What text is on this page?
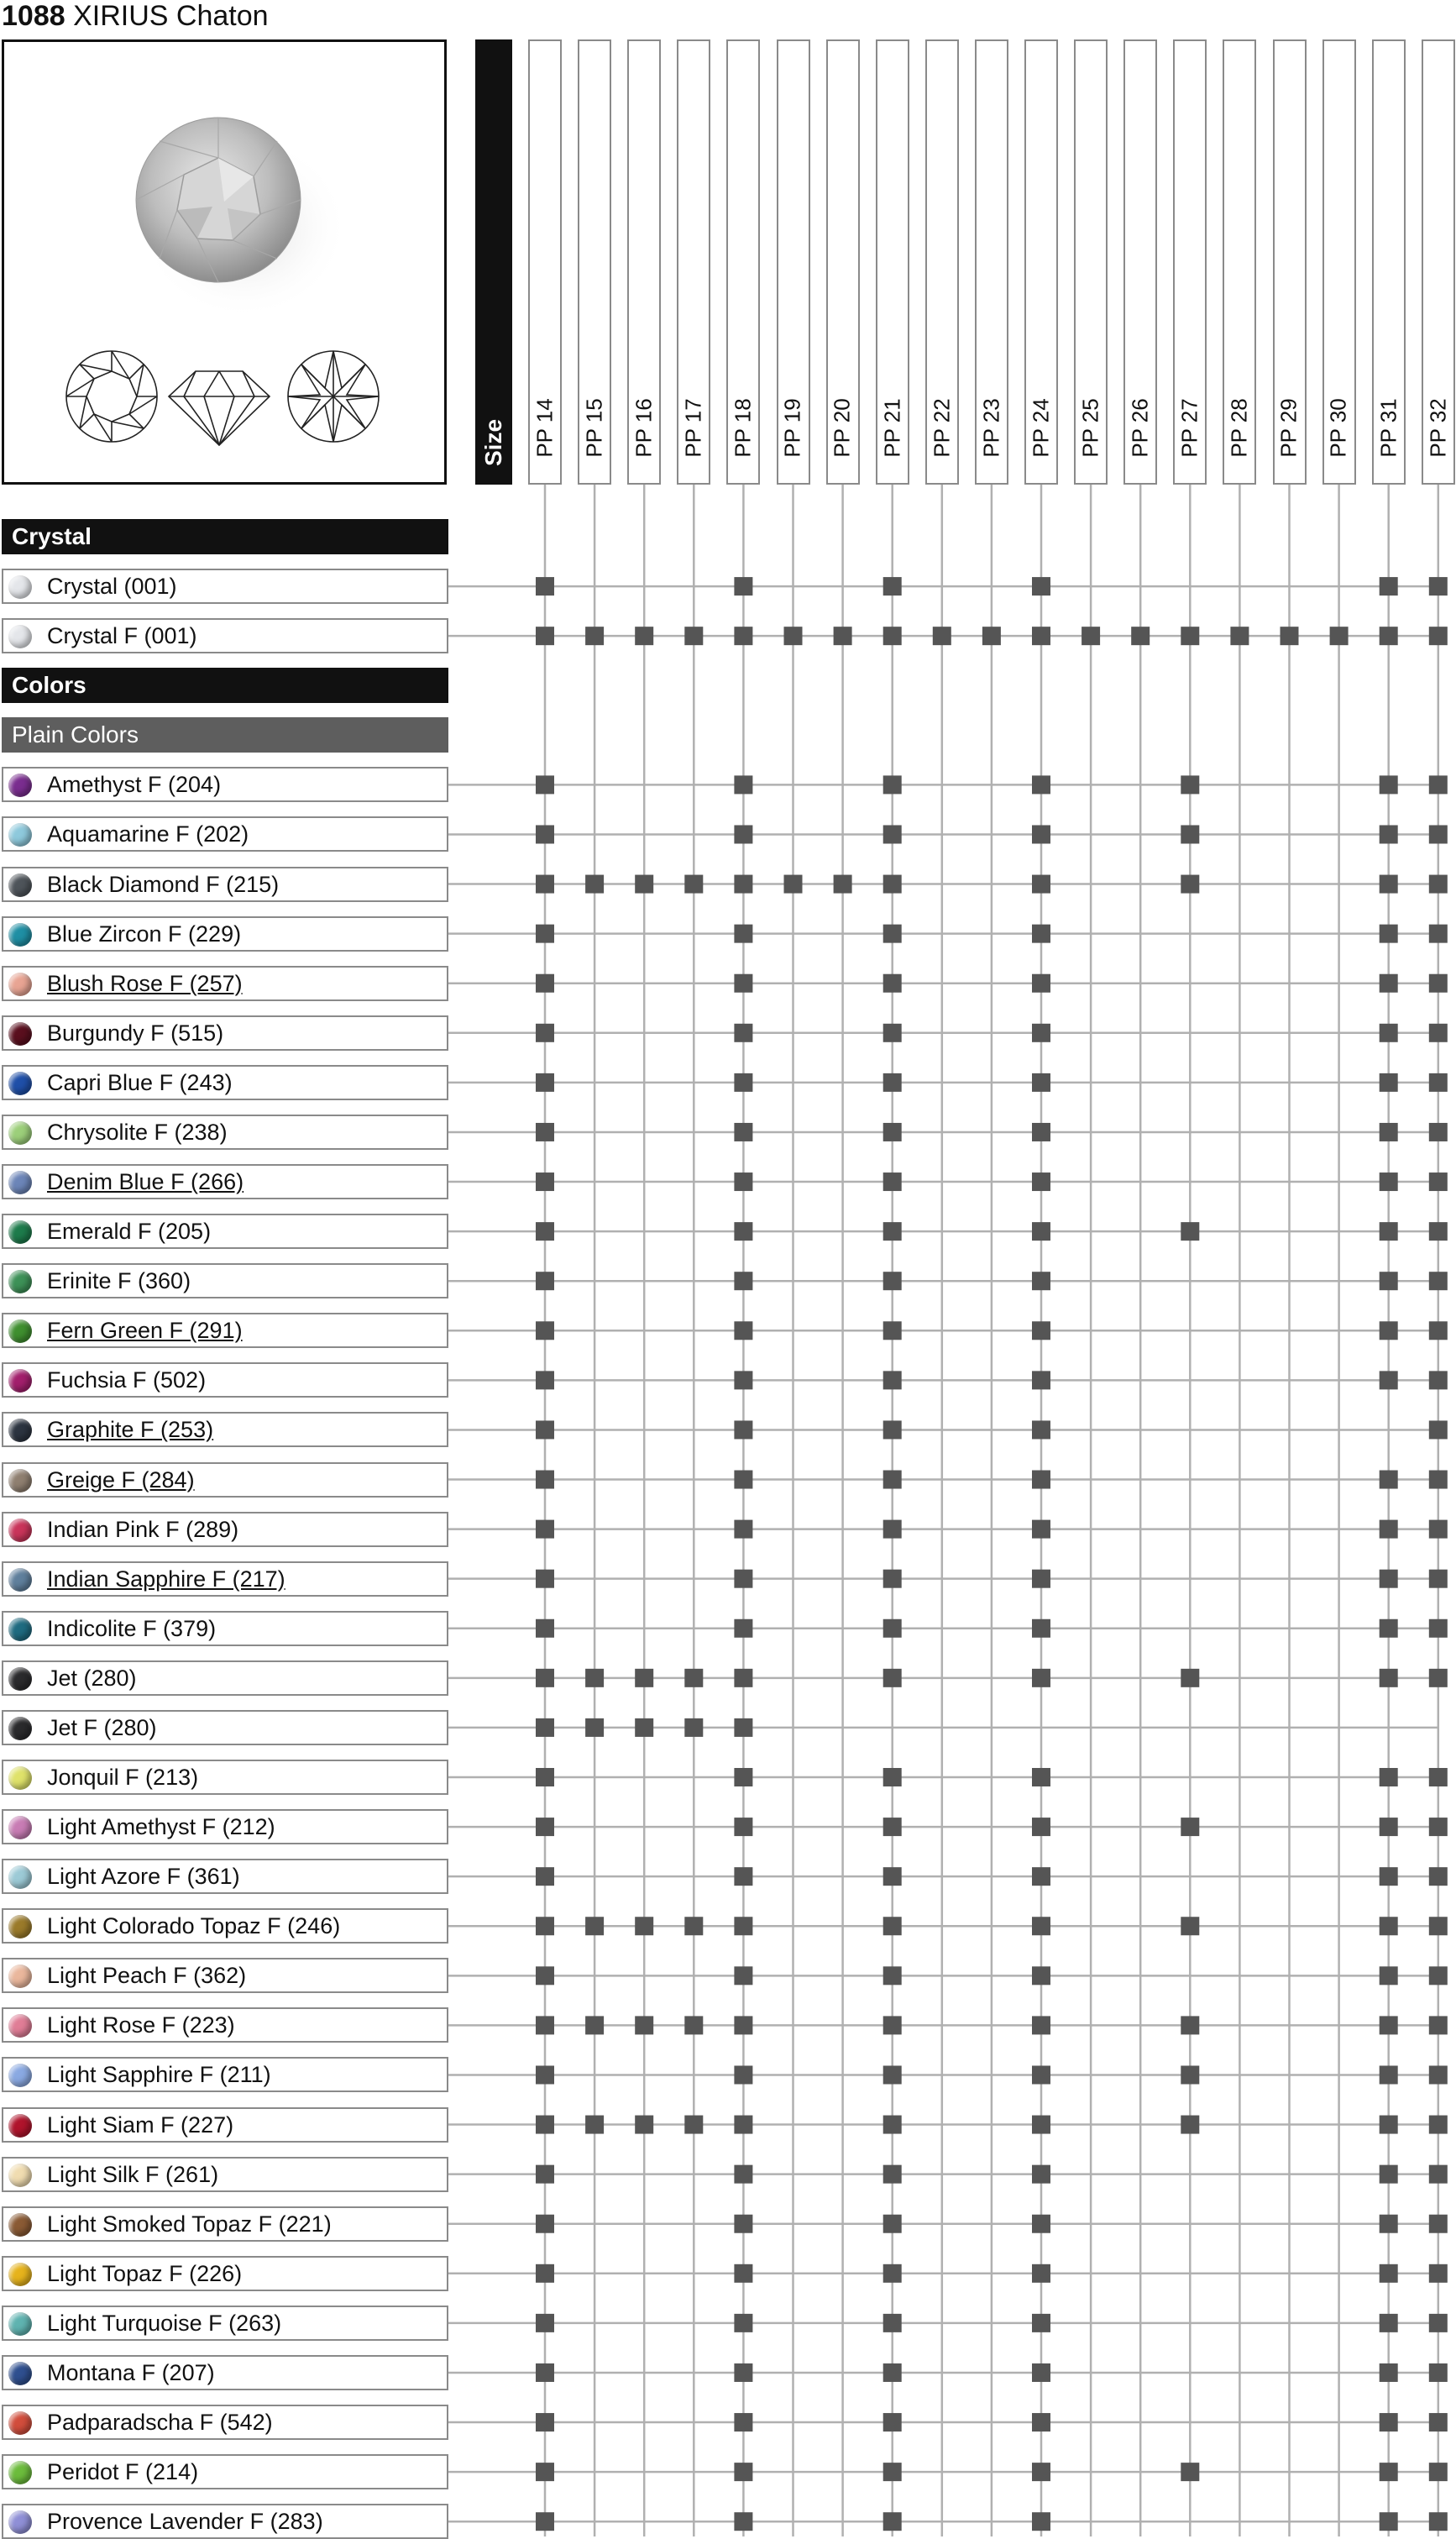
1088 XIRIUS Chaton
Size PP 14 PP 15 PP 16 PP 17 PP 18 PP 19 PP 20 PP 21 PP 22 PP 23 PP 24 PP 25 PP 26 PP 27 PP 28 PP 29 PP 30 PP 31 PP 32
Crystal
Crystal (001)
Crystal F (001)
Colors
Plain Colors
Amethyst F (204)
Aquamarine F (202)
Black Diamond F (215)
Blue Zircon F (229)
Blush Rose F (257)
Burgundy F (515)
Capri Blue F (243)
Chrysolite F (238)
Denim Blue F (266)
Emerald F (205)
Erinite F (360)
Fern Green F (291)
Fuchsia F (502)
Graphite F (253)
Greige F (284)
Indian Pink F (289)
Indian Sapphire F (217)
Indicolite F (379)
Jet (280)
Jet F (280)
Jonquil F (213)
Light Amethyst F (212)
Light Azore F (361)
Light Colorado Topaz F (246)
Light Peach F (362)
Light Rose F (223)
Light Sapphire F (211)
Light Siam F (227)
Light Silk F (261)
Light Smoked Topaz F (221)
Light Topaz F (226)
Light Turquoise F (263)
Montana F (207)
Padparadscha F (542)
Peridot F (214)
Provence Lavender F (283)
